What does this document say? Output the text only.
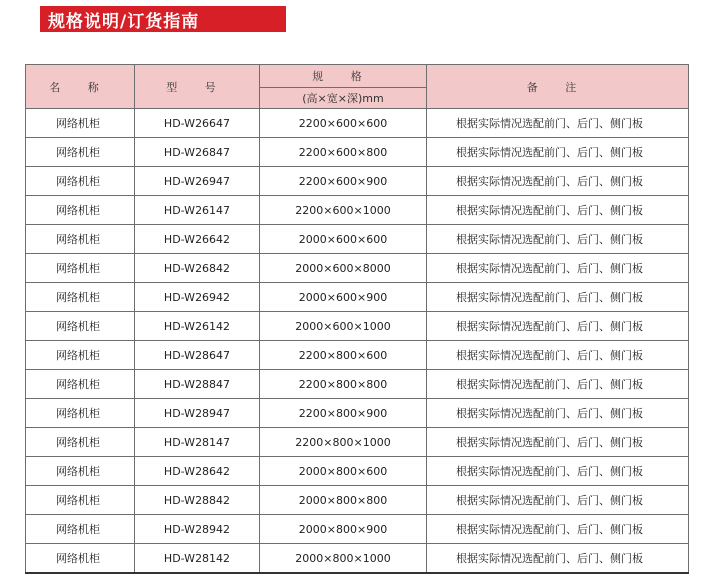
规格说明/订货指南
名 称	型 号	规 格	备 注
		(高×宽×深)mm	
网络机柜	HD-W26647	2200×600×600	根据实际情况选配前门、后门、侧门板
网络机柜	HD-W26847	2200×600×800	根据实际情况选配前门、后门、侧门板
网络机柜	HD-W26947	2200×600×900	根据实际情况选配前门、后门、侧门板
网络机柜	HD-W26147	2200×600×1000	根据实际情况选配前门、后门、侧门板
网络机柜	HD-W26642	2000×600×600	根据实际情况选配前门、后门、侧门板
网络机柜	HD-W26842	2000×600×8000	根据实际情况选配前门、后门、侧门板
网络机柜	HD-W26942	2000×600×900	根据实际情况选配前门、后门、侧门板
网络机柜	HD-W26142	2000×600×1000	根据实际情况选配前门、后门、侧门板
网络机柜	HD-W28647	2200×800×600	根据实际情况选配前门、后门、侧门板
网络机柜	HD-W28847	2200×800×800	根据实际情况选配前门、后门、侧门板
网络机柜	HD-W28947	2200×800×900	根据实际情况选配前门、后门、侧门板
网络机柜	HD-W28147	2200×800×1000	根据实际情况选配前门、后门、侧门板
网络机柜	HD-W28642	2000×800×600	根据实际情况选配前门、后门、侧门板
网络机柜	HD-W28842	2000×800×800	根据实际情况选配前门、后门、侧门板
网络机柜	HD-W28942	2000×800×900	根据实际情况选配前门、后门、侧门板
网络机柜	HD-W28142	2000×800×1000	根据实际情况选配前门、后门、侧门板
